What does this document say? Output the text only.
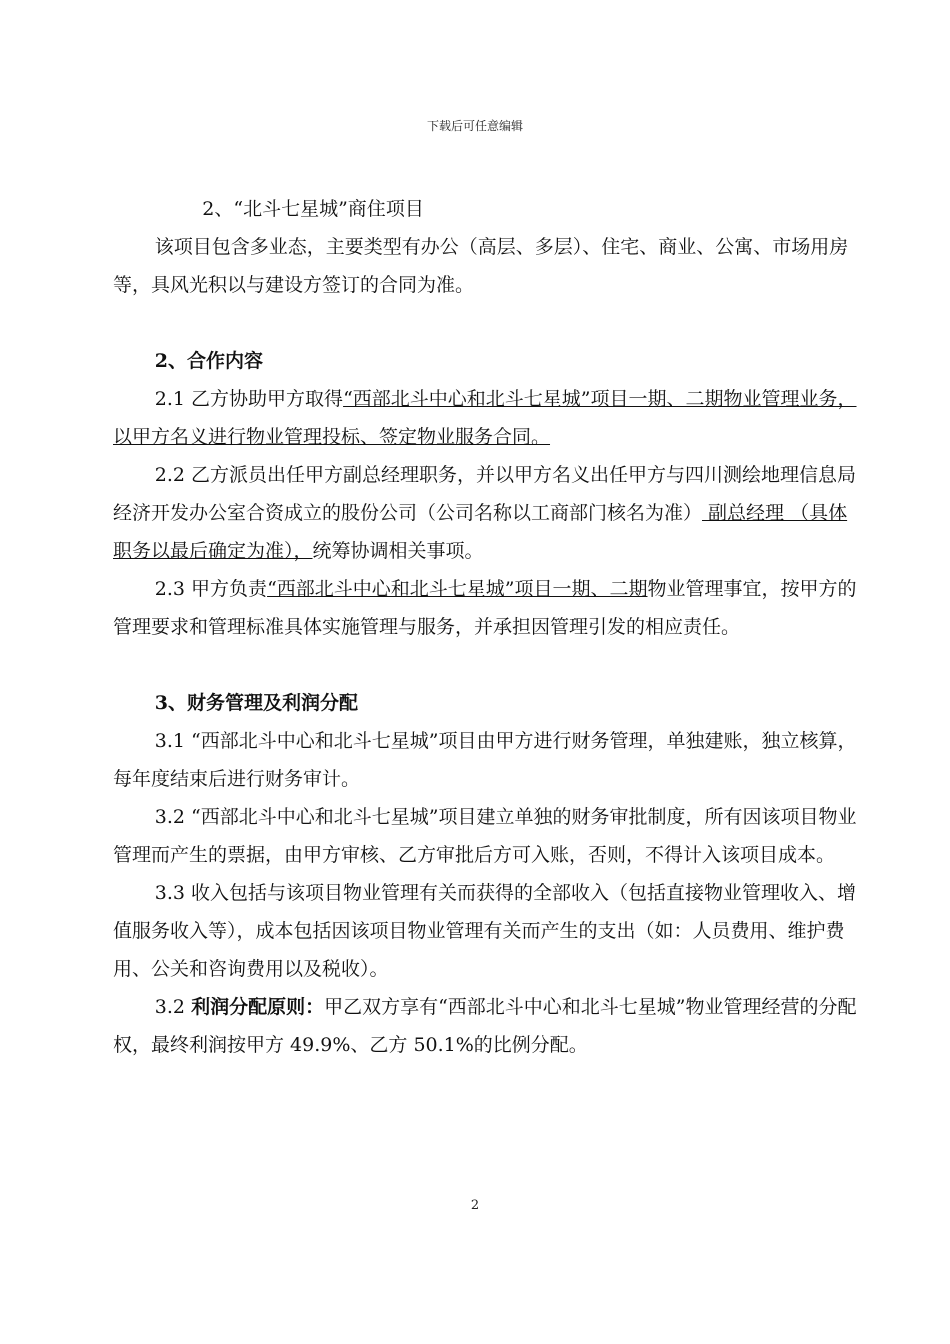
下载后可任意编辑

2、“北斗七星城”商住项目

该项目包含多业态，主要类型有办公（高层、多层）、住宅、商业、公寓、市场用房等，具风光积以与建设方签订的合同为准。

2、合作内容

2.1 乙方协助甲方取得“西部北斗中心和北斗七星城”项目一期、二期物业管理业务，以甲方名义进行物业管理投标、签定物业服务合同。

2.2 乙方派员出任甲方副总经理职务，并以甲方名义出任甲方与四川测绘地理信息局经济开发办公室合资成立的股份公司（公司名称以工商部门核名为准） 副总经理 （具体职务以最后确定为准），统筹协调相关事项。

2.3 甲方负责“西部北斗中心和北斗七星城”项目一期、二期物业管理事宜，按甲方的管理要求和管理标准具体实施管理与服务，并承担因管理引发的相应责任。

3、财务管理及利润分配

3.1 “西部北斗中心和北斗七星城”项目由甲方进行财务管理，单独建账，独立核算，每年度结束后进行财务审计。

3.2 “西部北斗中心和北斗七星城”项目建立单独的财务审批制度，所有因该项目物业管理而产生的票据，由甲方审核、乙方审批后方可入账，否则，不得计入该项目成本。

3.3 收入包括与该项目物业管理有关而获得的全部收入（包括直接物业管理收入、增值服务收入等），成本包括因该项目物业管理有关而产生的支出（如：人员费用、维护费用、公关和咨询费用以及税收）。

3.2 利润分配原则：甲乙双方享有“西部北斗中心和北斗七星城”物业管理经营的分配权，最终利润按甲方 49.9%、乙方 50.1%的比例分配。

2
